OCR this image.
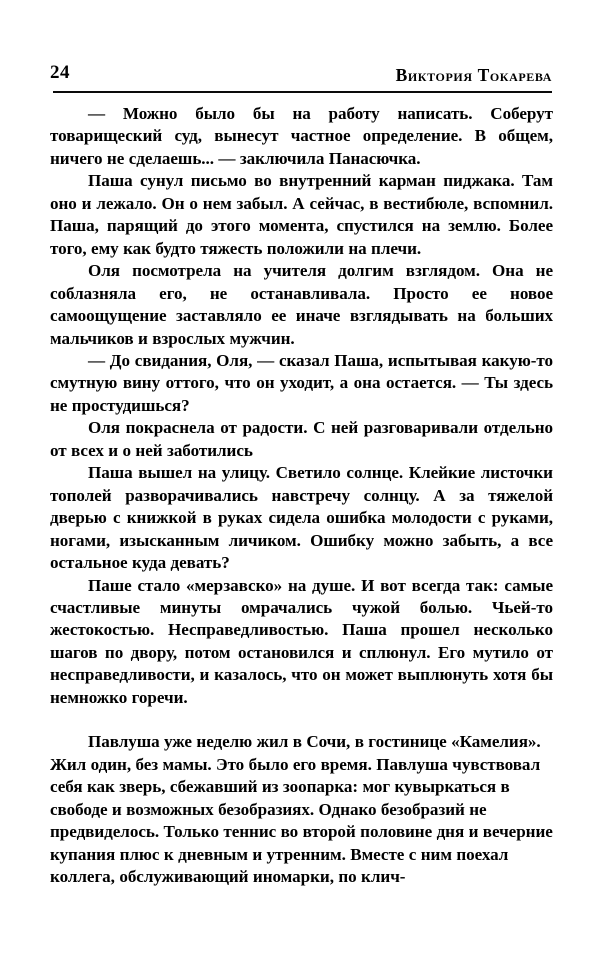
24	Виктория Токарева

— Можно было бы на работу написать. Соберут товарищеский суд, вынесут частное определение. В общем, ничего не сделаешь... — заключила Панасючка.

Паша сунул письмо во внутренний карман пиджака. Там оно и лежало. Он о нем забыл. А сейчас, в вестибюле, вспомнил. Паша, парящий до этого момента, спустился на землю. Более того, ему как будто тяжесть положили на плечи.

Оля посмотрела на учителя долгим взглядом. Она не соблазняла его, не останавливала. Просто ее новое самоощущение заставляло ее иначе взглядывать на больших мальчиков и взрослых мужчин.

— До свидания, Оля, — сказал Паша, испытывая какую-то смутную вину оттого, что он уходит, а она остается. — Ты здесь не простудишься?

Оля покраснела от радости. С ней разговаривали отдельно от всех и о ней заботились

Паша вышел на улицу. Светило солнце. Клейкие листочки тополей разворачивались навстречу солнцу. А за тяжелой дверью с книжкой в руках сидела ошибка молодости с руками, ногами, изысканным личиком. Ошибку можно забыть, а все остальное куда девать?

Паше стало «мерзавско» на душе. И вот всегда так: самые счастливые минуты омрачались чужой болью. Чьей-то жестокостью. Несправедливостью. Паша прошел несколько шагов по двору, потом остановился и сплюнул. Его мутило от несправедливости, и казалось, что он может выплюнуть хотя бы немножко горечи.

Павлуша уже неделю жил в Сочи, в гостинице «Камелия». Жил один, без мамы. Это было его время. Павлуша чувствовал себя как зверь, сбежавший из зоопарка: мог кувыркаться в свободе и возможных безобразиях. Однако безобразий не предвиделось. Только теннис во второй половине дня и вечерние купания плюс к дневным и утренним. Вместе с ним поехал коллега, обслуживающий иномарки, по клич-
